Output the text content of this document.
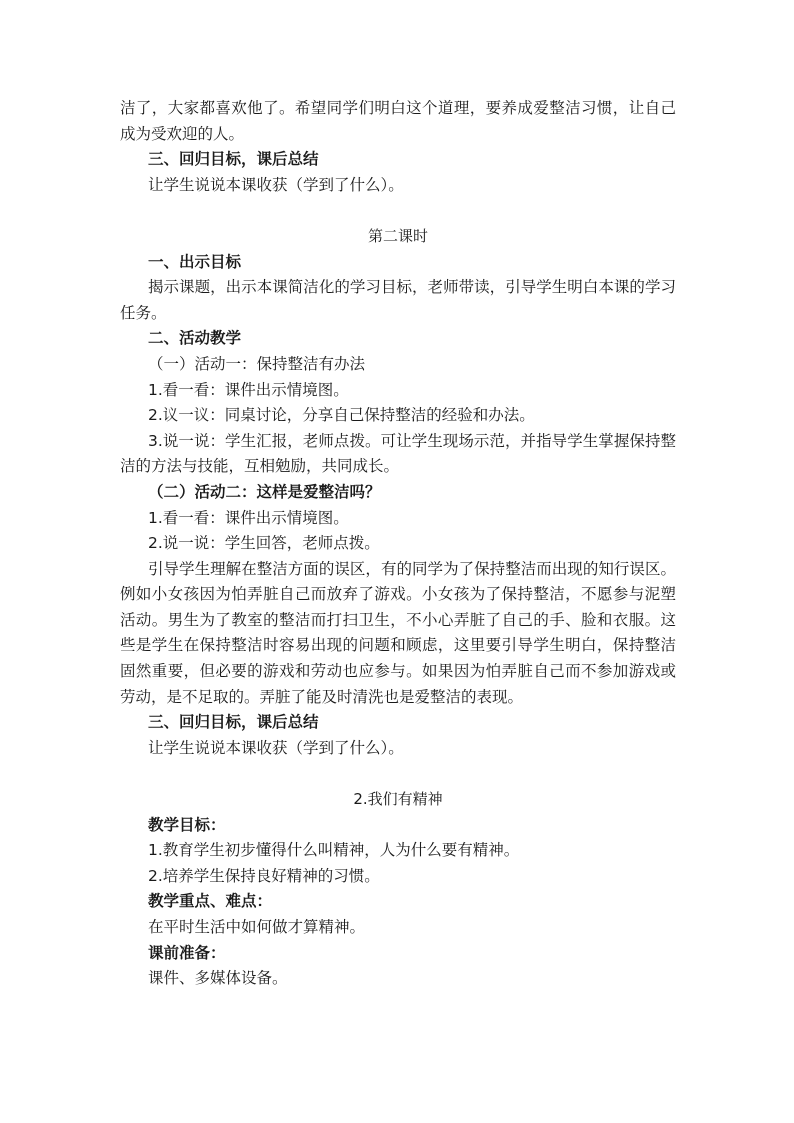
洁了，大家都喜欢他了。希望同学们明白这个道理，要养成爱整洁习惯，让自己成为受欢迎的人。
三、回归目标，课后总结
让学生说说本课收获（学到了什么）。
第二课时
一、出示目标
揭示课题，出示本课简洁化的学习目标，老师带读，引导学生明白本课的学习任务。
二、活动教学
（一）活动一：保持整洁有办法
1.看一看：课件出示情境图。
2.议一议：同桌讨论，分享自己保持整洁的经验和办法。
3.说一说：学生汇报，老师点拨。可让学生现场示范，并指导学生掌握保持整洁的方法与技能，互相勉励，共同成长。
（二）活动二：这样是爱整洁吗？
1.看一看：课件出示情境图。
2.说一说：学生回答，老师点拨。
引导学生理解在整洁方面的误区，有的同学为了保持整洁而出现的知行误区。例如小女孩因为怕弄脏自己而放弃了游戏。小女孩为了保持整洁，不愿参与泥塑活动。男生为了教室的整洁而打扫卫生，不小心弄脏了自己的手、脸和衣服。这些是学生在保持整洁时容易出现的问题和顾虑，这里要引导学生明白，保持整洁固然重要，但必要的游戏和劳动也应参与。如果因为怕弄脏自己而不参加游戏或劳动，是不足取的。弄脏了能及时清洗也是爱整洁的表现。
三、回归目标，课后总结
让学生说说本课收获（学到了什么）。
2.我们有精神
教学目标：
1.教育学生初步懂得什么叫精神，人为什么要有精神。
2.培养学生保持良好精神的习惯。
教学重点、难点：
在平时生活中如何做才算精神。
课前准备：
课件、多媒体设备。
